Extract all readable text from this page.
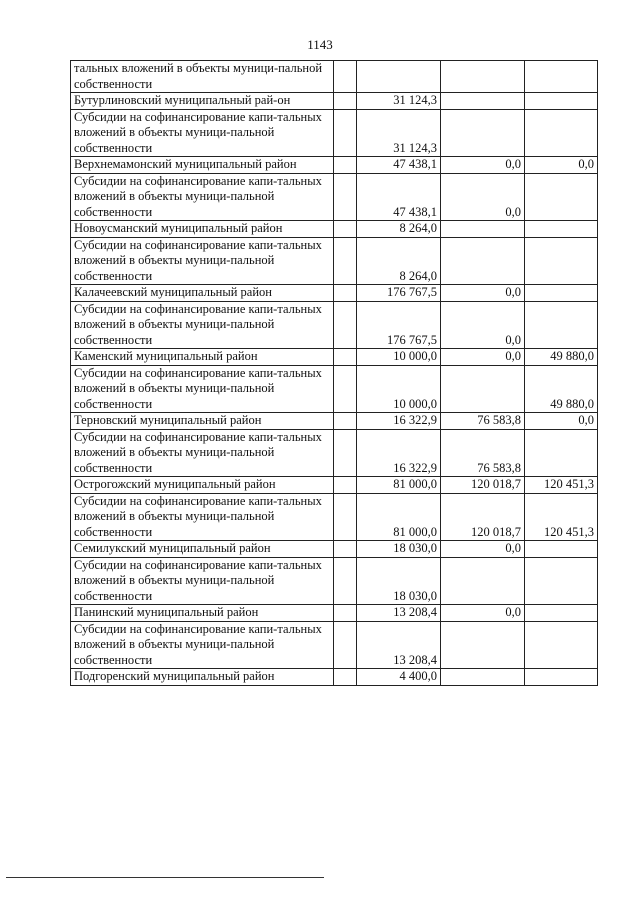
1143
тальных вложений в объекты муници-пальной собственности				
Бутурлиновский муниципальный рай-он		31 124,3		
Субсидии на софинансирование капи-тальных вложений в объекты муници-пальной собственности		31 124,3		
Верхнемамонский муниципальный район		47 438,1	0,0	0,0
Субсидии на софинансирование капи-тальных вложений в объекты муници-пальной собственности		47 438,1	0,0	
Новоусманский муниципальный район		8 264,0		
Субсидии на софинансирование капи-тальных вложений в объекты муници-пальной собственности		8 264,0		
Калачеевский муниципальный район		176 767,5	0,0	
Субсидии на софинансирование капи-тальных вложений в объекты муници-пальной собственности		176 767,5	0,0	
Каменский муниципальный район		10 000,0	0,0	49 880,0
Субсидии на софинансирование капи-тальных вложений в объекты муници-пальной собственности		10 000,0		49 880,0
Терновский муниципальный район		16 322,9	76 583,8	0,0
Субсидии на софинансирование капи-тальных вложений в объекты муници-пальной собственности		16 322,9	76 583,8	
Острогожский муниципальный район		81 000,0	120 018,7	120 451,3
Субсидии на софинансирование капи-тальных вложений в объекты муници-пальной собственности		81 000,0	120 018,7	120 451,3
Семилукский муниципальный район		18 030,0	0,0	
Субсидии на софинансирование капи-тальных вложений в объекты муници-пальной собственности		18 030,0		
Панинский муниципальный район		13 208,4	0,0	
Субсидии на софинансирование капи-тальных вложений в объекты муници-пальной собственности		13 208,4		
Подгоренский муниципальный район		4 400,0		
